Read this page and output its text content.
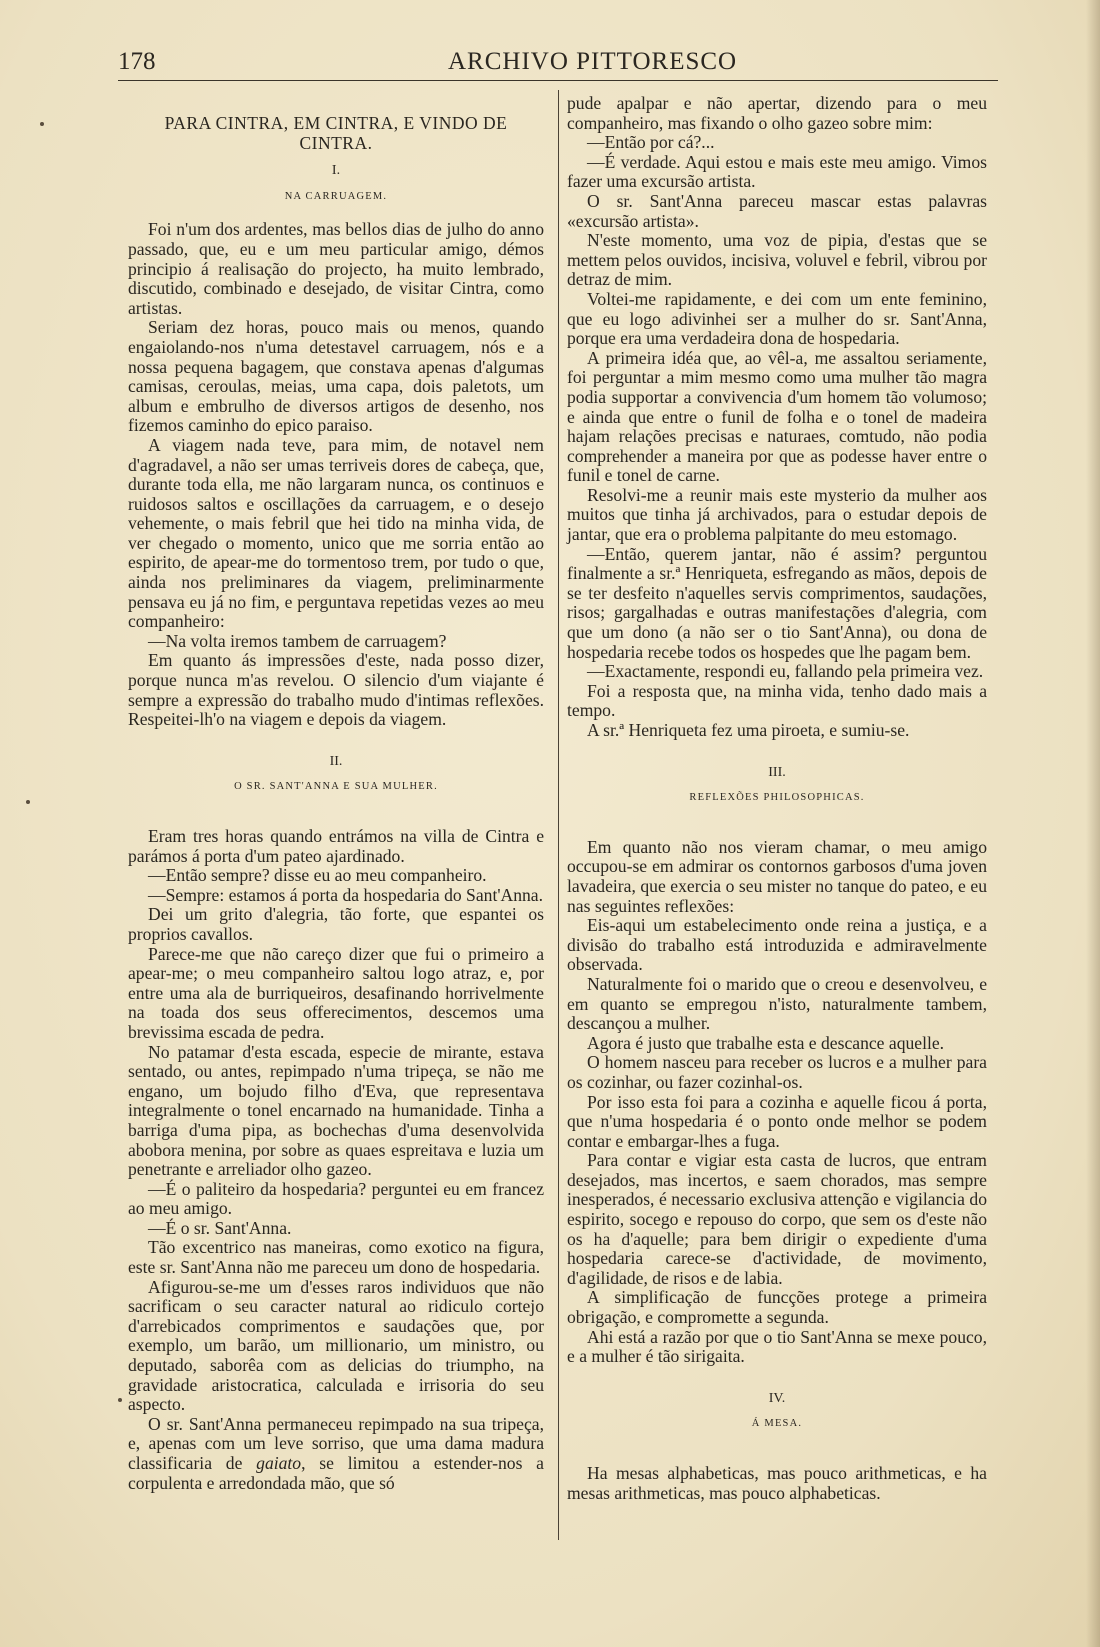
178	ARCHIVO PITTORESCO
PARA CINTRA, EM CINTRA, E VINDO DE CINTRA.
I.
NA CARRUAGEM.

Foi n'um dos ardentes, mas bellos dias de julho do anno passado, que, eu e um meu particular amigo, démos principio á realisação do projecto, ha muito lembrado, discutido, combinado e desejado, de visitar Cintra, como artistas.

Seriam dez horas, pouco mais ou menos, quando engaiolando-nos n'uma detestavel carruagem, nós e a nossa pequena bagagem, que constava apenas d'algumas camisas, ceroulas, meias, uma capa, dois paletots, um album e embrulho de diversos artigos de desenho, nos fizemos caminho do epico paraiso.

A viagem nada teve, para mim, de notavel nem d'agradavel, a não ser umas terriveis dores de cabeça, que, durante toda ella, me não largaram nunca, os continuos e ruidosos saltos e oscillações da carruagem, e o desejo vehemente, o mais febril que hei tido na minha vida, de ver chegado o momento, unico que me sorria então ao espirito, de apear-me do tormentoso trem, por tudo o que, ainda nos preliminares da viagem, preliminarmente pensava eu já no fim, e perguntava repetidas vezes ao meu companheiro:

—Na volta iremos tambem de carruagem?

Em quanto ás impressões d'este, nada posso dizer, porque nunca m'as revelou. O silencio d'um viajante é sempre a expressão do trabalho mudo d'intimas reflexões. Respeitei-lh'o na viagem e depois da viagem.

II.
O SR. SANT'ANNA E SUA MULHER.

Eram tres horas quando entrámos na villa de Cintra e parámos á porta d'um pateo ajardinado.

—Então sempre? disse eu ao meu companheiro.

—Sempre: estamos á porta da hospedaria do Sant'Anna.

Dei um grito d'alegria, tão forte, que espantei os proprios cavallos.

Parece-me que não careço dizer que fui o primeiro a apear-me; o meu companheiro saltou logo atraz, e, por entre uma ala de burriqueiros, desafinando horrivelmente na toada dos seus offerecimentos, descemos uma brevissima escada de pedra.

No patamar d'esta escada, especie de mirante, estava sentado, ou antes, repimpado n'uma tripeça, se não me engano, um bojudo filho d'Eva, que representava integralmente o tonel encarnado na humanidade. Tinha a barriga d'uma pipa, as bochechas d'uma desenvolvida abobora menina, por sobre as quaes espreitava e luzia um penetrante e arreliador olho gazeo.

—É o paliteiro da hospedaria? perguntei eu em francez ao meu amigo.

—É o sr. Sant'Anna.

Tão excentrico nas maneiras, como exotico na figura, este sr. Sant'Anna não me pareceu um dono de hospedaria.

Afigurou-se-me um d'esses raros individuos que não sacrificam o seu caracter natural ao ridiculo cortejo d'arrebicados comprimentos e saudações que, por exemplo, um barão, um millionario, um ministro, ou deputado, saborêa com as delicias do triumpho, na gravidade aristocratica, calculada e irrisoria do seu aspecto.

O sr. Sant'Anna permaneceu repimpado na sua tripeça, e, apenas com um leve sorriso, que uma dama madura classificaria de gaiato, se limitou a estender-nos a corpulenta e arredondada mão, que só

pude apalpar e não apertar, dizendo para o meu companheiro, mas fixando o olho gazeo sobre mim:

—Então por cá?...

—É verdade. Aqui estou e mais este meu amigo. Vimos fazer uma excursão artista.

O sr. Sant'Anna pareceu mascar estas palavras «excursão artista».

N'este momento, uma voz de pipia, d'estas que se mettem pelos ouvidos, incisiva, voluvel e febril, vibrou por detraz de mim.

Voltei-me rapidamente, e dei com um ente feminino, que eu logo adivinhei ser a mulher do sr. Sant'Anna, porque era uma verdadeira dona de hospedaria.

A primeira idéa que, ao vêl-a, me assaltou seriamente, foi perguntar a mim mesmo como uma mulher tão magra podia supportar a convivencia d'um homem tão volumoso; e ainda que entre o funil de folha e o tonel de madeira hajam relações precisas e naturaes, comtudo, não podia comprehender a maneira por que as podesse haver entre o funil e tonel de carne.

Resolvi-me a reunir mais este mysterio da mulher aos muitos que tinha já archivados, para o estudar depois de jantar, que era o problema palpitante do meu estomago.

—Então, querem jantar, não é assim? perguntou finalmente a sr.ª Henriqueta, esfregando as mãos, depois de se ter desfeito n'aquelles servis comprimentos, saudações, risos; gargalhadas e outras manifestações d'alegria, com que um dono (a não ser o tio Sant'Anna), ou dona de hospedaria recebe todos os hospedes que lhe pagam bem.

—Exactamente, respondi eu, fallando pela primeira vez.

Foi a resposta que, na minha vida, tenho dado mais a tempo.

A sr.ª Henriqueta fez uma piroeta, e sumiu-se.

III.
REFLEXÕES PHILOSOPHICAS.

Em quanto não nos vieram chamar, o meu amigo occupou-se em admirar os contornos garbosos d'uma joven lavadeira, que exercia o seu mister no tanque do pateo, e eu nas seguintes reflexões:

Eis-aqui um estabelecimento onde reina a justiça, e a divisão do trabalho está introduzida e admiravelmente observada.

Naturalmente foi o marido que o creou e desenvolveu, e em quanto se empregou n'isto, naturalmente tambem, descançou a mulher.

Agora é justo que trabalhe esta e descance aquelle.

O homem nasceu para receber os lucros e a mulher para os cozinhar, ou fazer cozinhal-os.

Por isso esta foi para a cozinha e aquelle ficou á porta, que n'uma hospedaria é o ponto onde melhor se podem contar e embargar-lhes a fuga.

Para contar e vigiar esta casta de lucros, que entram desejados, mas incertos, e saem chorados, mas sempre inesperados, é necessario exclusiva attenção e vigilancia do espirito, socego e repouso do corpo, que sem os d'este não os ha d'aquelle; para bem dirigir o expediente d'uma hospedaria carece-se d'actividade, de movimento, d'agilidade, de risos e de labia.

A simplificação de funcções protege a primeira obrigação, e compromette a segunda.

Ahi está a razão por que o tio Sant'Anna se mexe pouco, e a mulher é tão sirigaita.

IV.
Á MESA.

Ha mesas alphabeticas, mas pouco arithmeticas, e ha mesas arithmeticas, mas pouco alphabeticas.
